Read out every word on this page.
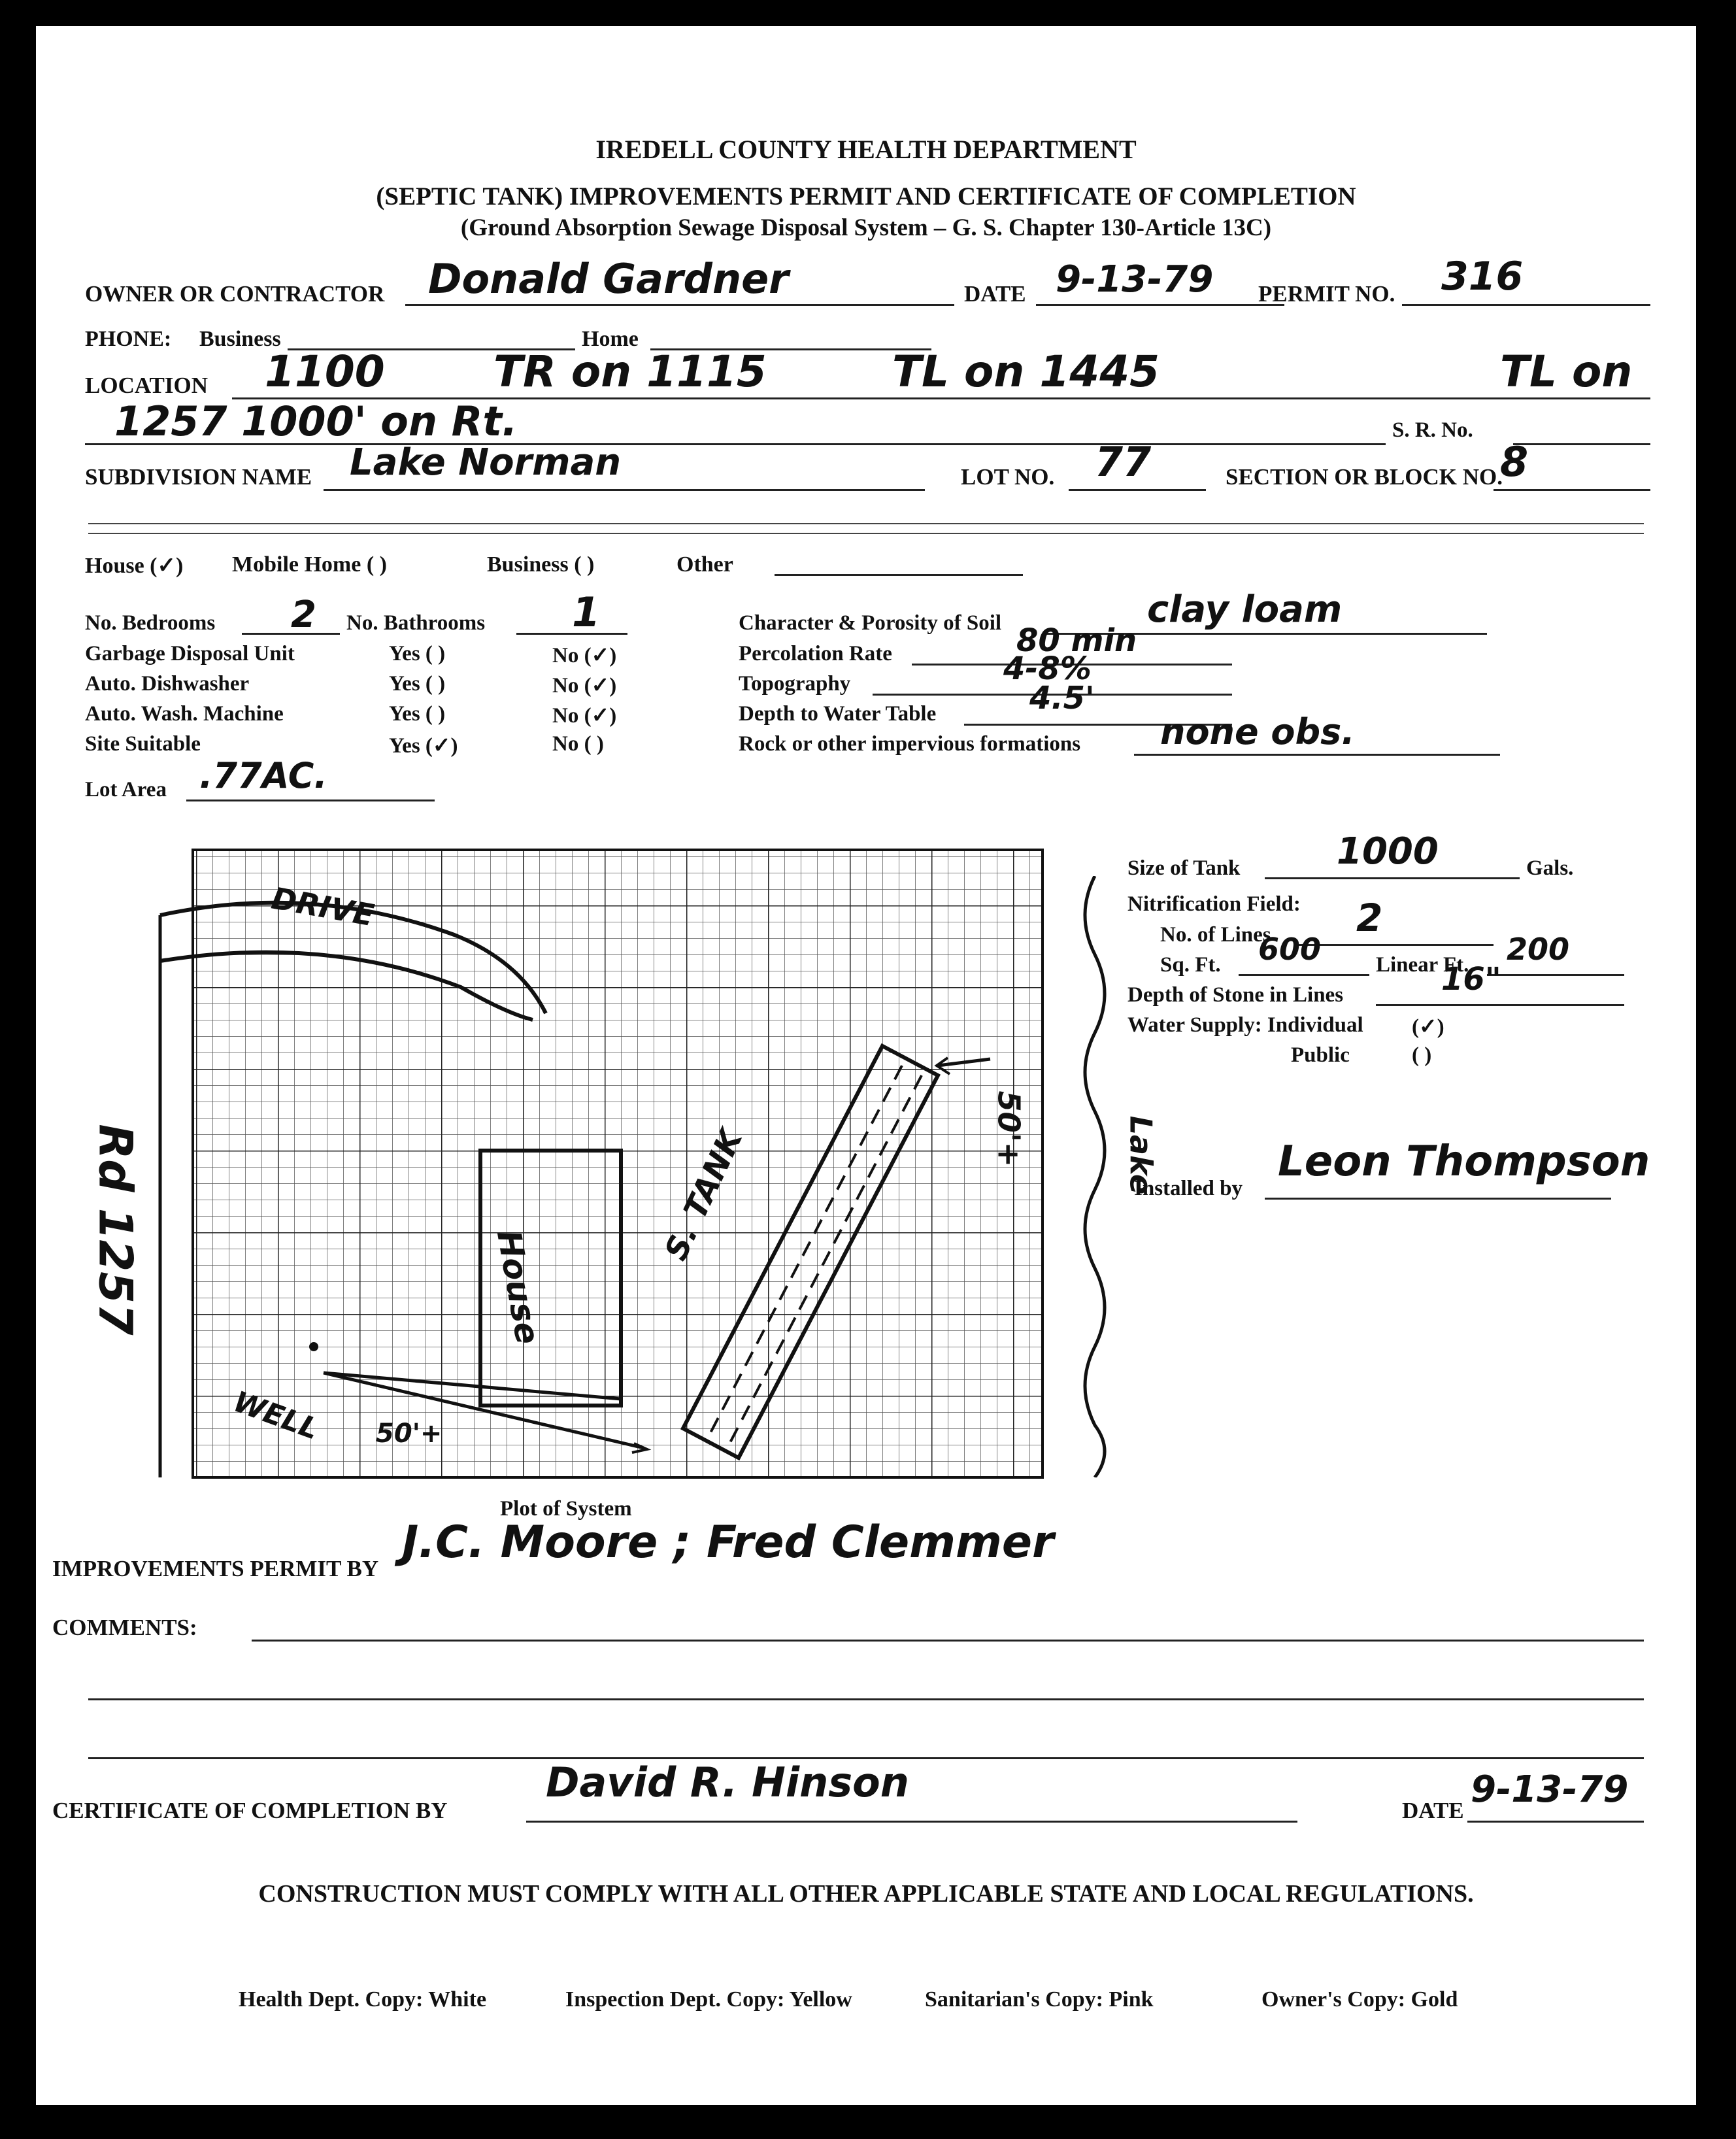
IREDELL COUNTY HEALTH DEPARTMENT
(SEPTIC TANK) IMPROVEMENTS PERMIT AND CERTIFICATE OF COMPLETION
(Ground Absorption Sewage Disposal System – G. S. Chapter 130-Article 13C)
OWNER OR CONTRACTOR Donald Gardner	DATE 9-13-79 PERMIT NO. 316
PHONE: Business	Home
LOCATION 1100	TR on 1115	TL on 1445	TL on
1257 1000' on Rt.	S. R. No.
SUBDIVISION NAME Lake Norman	LOT NO. 77	SECTION OR BLOCK NO.
8
House (✓) Mobile Home ( )	Business ( )	Other
No. Bedrooms 2 No. Bathrooms 1
Garbage Disposal Unit	Yes ( )	No (✓)
Auto. Dishwasher	Yes ( )	No (✓)
Auto. Wash. Machine	Yes ( )	No (✓)
Site Suitable	Yes (✓)	No ( )
Lot Area .77AC.
Character & Porosity of Soil	clay loam
Percolation Rate	80 min
Topography	4-8%
Depth to Water Table	4.5'
Rock or other impervious formations none obs.
DRIVE
Rd 1257	House
S. TANK
WELL 50'+
50'+	Lake
Plot of System
Size of Tank	1000	Gals.
Nitrification Field:
No. of Lines 2
Sq. Ft. 600	Linear Ft. 200
Depth of Stone in Lines	16"
Water Supply: Individual (✓)
Public	( )
Installed by
Leon Thompson
IMPROVEMENTS PERMIT BY
J.C. Moore ; Fred Clemmer
COMMENTS:
CERTIFICATE OF COMPLETION BY
David R. Hinson
DATE 9-13-79
CONSTRUCTION MUST COMPLY WITH ALL OTHER APPLICABLE STATE AND LOCAL REGULATIONS.
Health Dept. Copy: White	Inspection Dept. Copy: Yellow	Sanitarian's Copy: Pink	Owner's Copy: Gold
